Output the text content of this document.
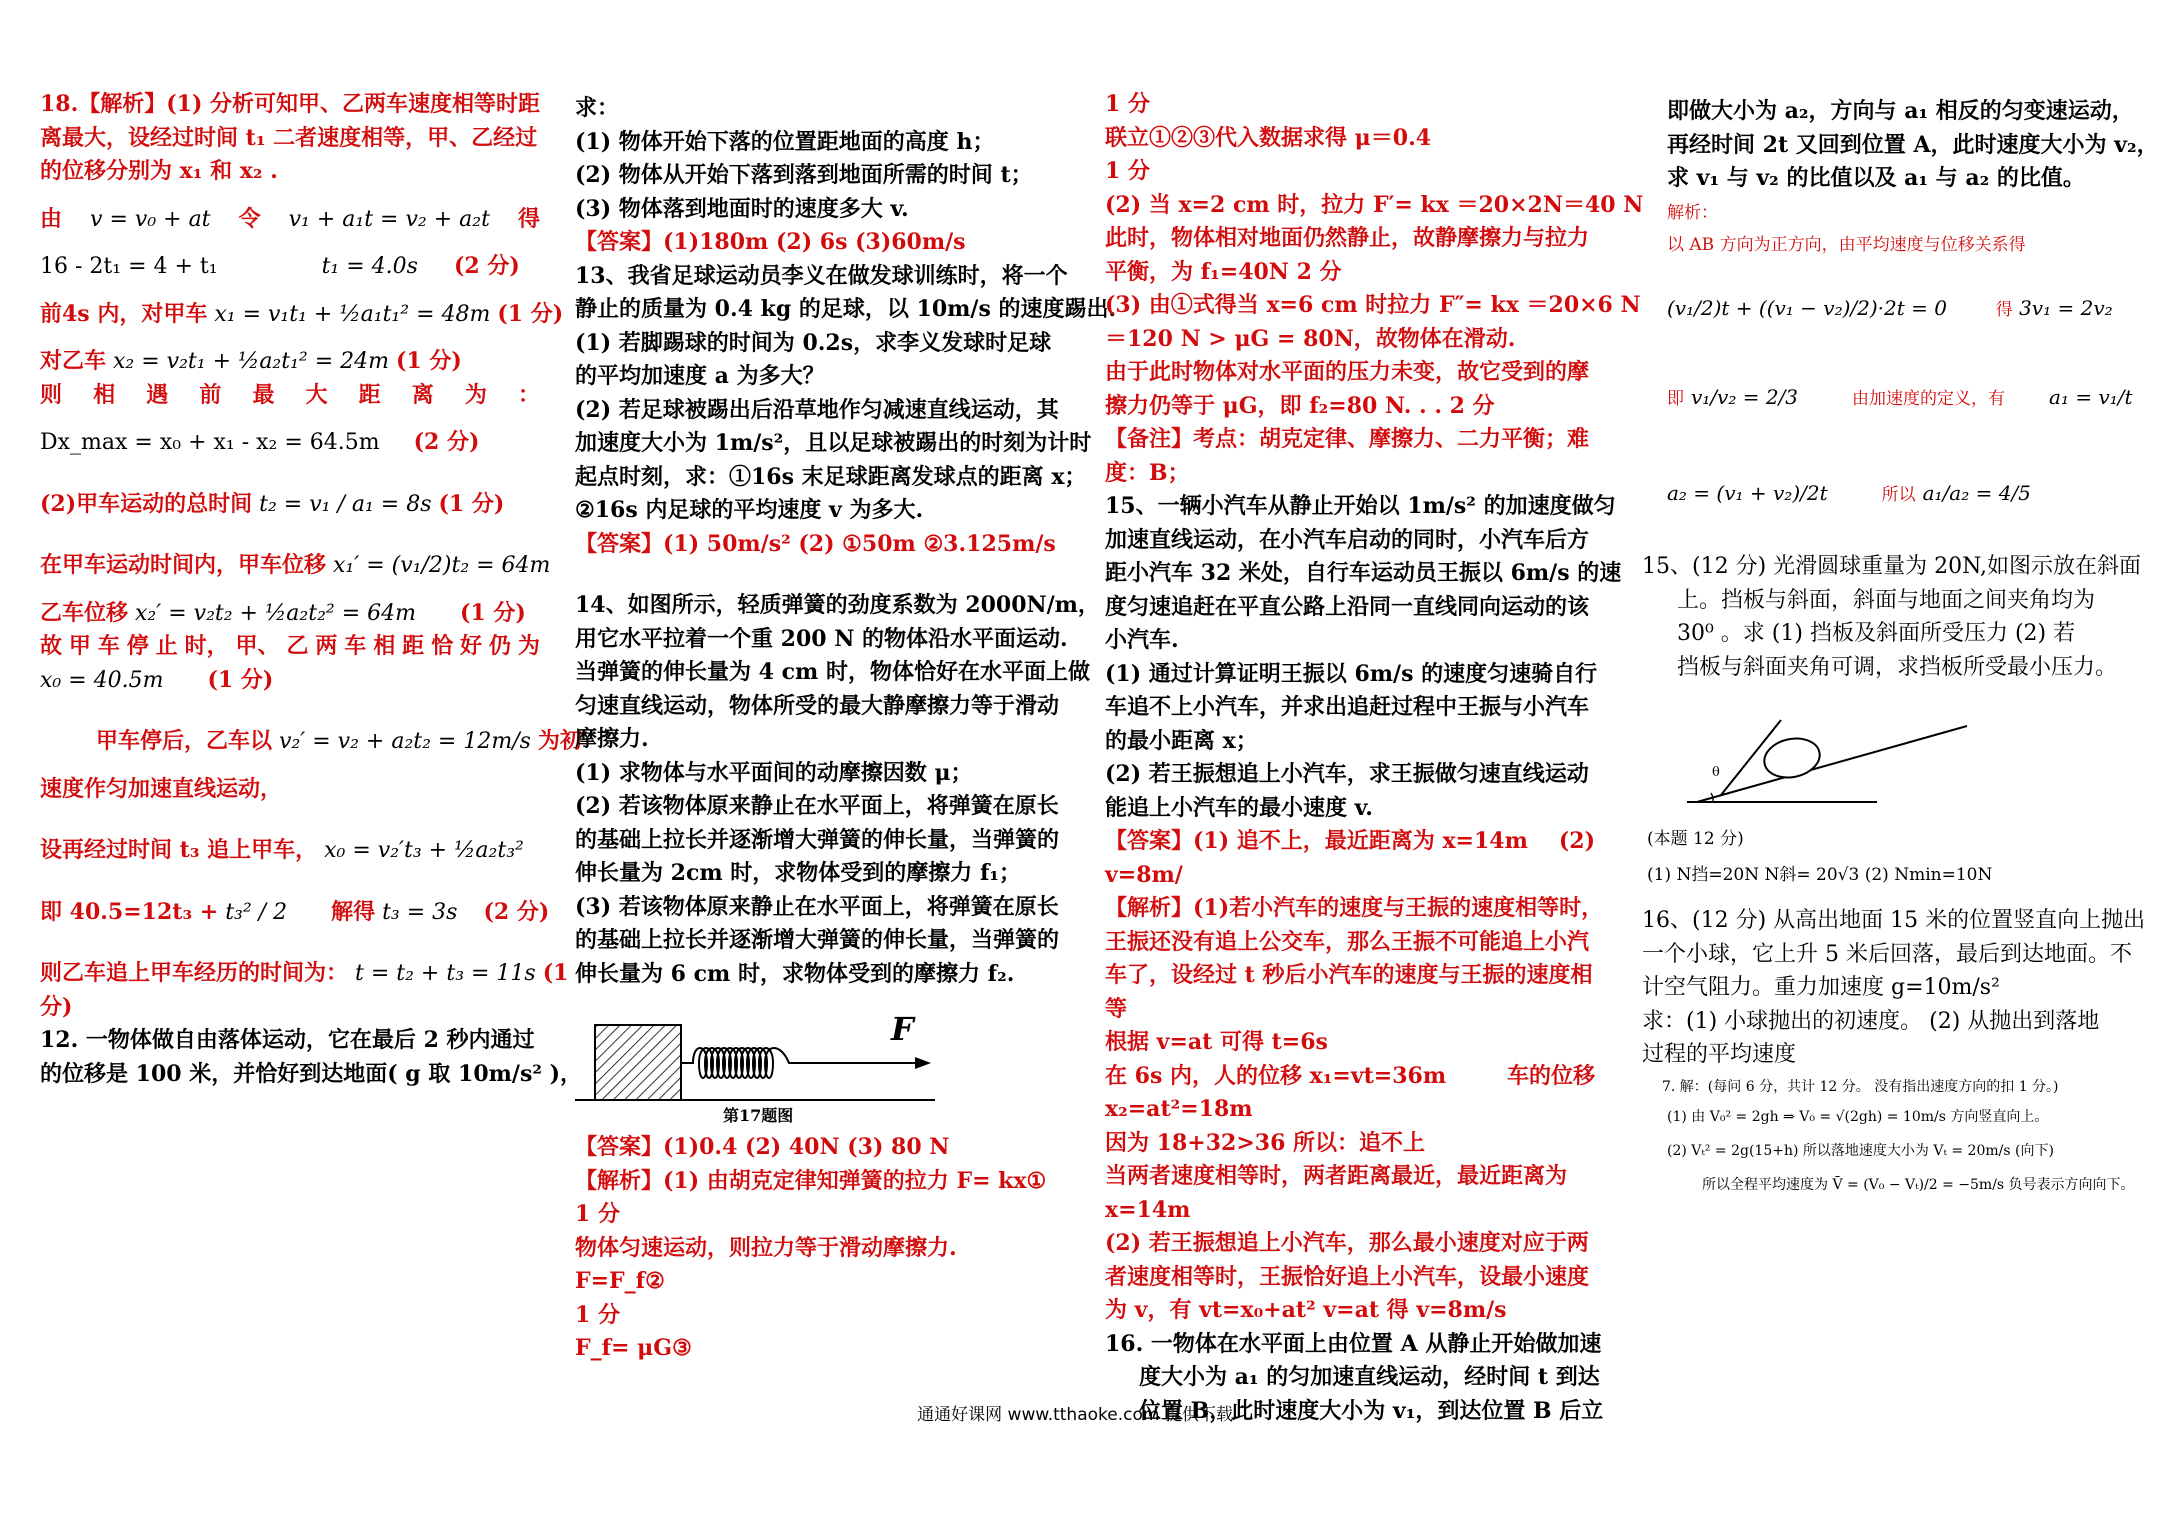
18.【解析】(1) 分析可知甲、乙两车速度相等时距
离最大，设经过时间 t₁ 二者速度相等，甲、乙经过
的位移分别为 x₁ 和 x₂ .
由 v = v₀ + at 令 v₁ + a₁t = v₂ + a₂t 得
16 - 2t₁ = 4 + t₁	t₁ = 4.0s (2 分)
前4s 内，对甲车 x₁ = v₁t₁ + ½a₁t₁² = 48m (1 分)
对乙车 x₂ = v₂t₁ + ½a₂t₁² = 24m (1 分)
则 相 遇 前 最 大 距 离 为 ：
Dx_max = x₀ + x₁ - x₂ = 64.5m (2 分)
(2)甲车运动的总时间 t₂ = v₁ / a₁ = 8s (1 分)
在甲车运动时间内，甲车位移 x₁′ = (v₁/2)t₂ = 64m
乙车位移 x₂′ = v₂t₂ + ½a₂t₂² = 64m (1 分)
故 甲 车 停 止 时， 甲、 乙 两 车 相 距 恰 好 仍 为
x₀ = 40.5m (1 分)
甲车停后，乙车以 v₂′ = v₂ + a₂t₂ = 12m/s 为初
速度作匀加速直线运动，
设再经过时间 t₃ 追上甲车， x₀ = v₂′t₃ + ½a₂t₃²
即 40.5=12t₃ + t₃² / 2 解得 t₃ = 3s (2 分)
则乙车追上甲车经历的时间为： t = t₂ + t₃ = 11s (1
分)
12. 一物体做自由落体运动，它在最后 2 秒内通过
的位移是 100 米，并恰好到达地面( g 取 10m/s² )，
求：
(1) 物体开始下落的位置距地面的高度 h；
(2) 物体从开始下落到落到地面所需的时间 t；
(3) 物体落到地面时的速度多大 v.
【答案】(1)180m (2) 6s (3)60m/s
13、我省足球运动员李义在做发球训练时，将一个
静止的质量为 0.4 kg 的足球，以 10m/s 的速度踢出.
(1) 若脚踢球的时间为 0.2s，求李义发球时足球
的平均加速度 a 为多大？
(2) 若足球被踢出后沿草地作匀减速直线运动，其
加速度大小为 1m/s²，且以足球被踢出的时刻为计时
起点时刻，求：①16s 末足球距离发球点的距离 x；
②16s 内足球的平均速度 v 为多大.
【答案】(1) 50m/s² (2) ①50m ②3.125m/s
14、如图所示，轻质弹簧的劲度系数为 2000N/m，
用它水平拉着一个重 200 N 的物体沿水平面运动.
当弹簧的伸长量为 4 cm 时，物体恰好在水平面上做
匀速直线运动，物体所受的最大静摩擦力等于滑动
摩擦力.
(1) 求物体与水平面间的动摩擦因数 μ；
(2) 若该物体原来静止在水平面上，将弹簧在原长
的基础上拉长并逐渐增大弹簧的伸长量，当弹簧的
伸长量为 2cm 时，求物体受到的摩擦力 f₁；
(3) 若该物体原来静止在水平面上，将弹簧在原长
的基础上拉长并逐渐增大弹簧的伸长量，当弹簧的
伸长量为 6 cm 时，求物体受到的摩擦力 f₂.
F
第17题图
【答案】(1)0.4 (2) 40N (3) 80 N
【解析】(1) 由胡克定律知弹簧的拉力 F= kx①
1 分
物体匀速运动，则拉力等于滑动摩擦力.
F=F_f②
1 分
F_f= μG③
1 分
联立①②③代入数据求得 μ＝0.4
1 分
(2) 当 x=2 cm 时，拉力 F′= kx ＝20×2N＝40 N
此时，物体相对地面仍然静止，故静摩擦力与拉力
平衡，为 f₁=40N 2 分
(3) 由①式得当 x=6 cm 时拉力 F″= kx ＝20×6 N
＝120 N > μG = 80N，故物体在滑动.
由于此时物体对水平面的压力未变，故它受到的摩
擦力仍等于 μG，即 f₂=80 N. . . 2 分
【备注】考点：胡克定律、摩擦力、二力平衡；难
度：B；
15、一辆小汽车从静止开始以 1m/s² 的加速度做匀
加速直线运动，在小汽车启动的同时，小汽车后方
距小汽车 32 米处，自行车运动员王振以 6m/s 的速
度匀速追赶在平直公路上沿同一直线同向运动的该
小汽车.
(1) 通过计算证明王振以 6m/s 的速度匀速骑自行
车追不上小汽车，并求出追赶过程中王振与小汽车
的最小距离 x；
(2) 若王振想追上小汽车，求王振做匀速直线运动
能追上小汽车的最小速度 v.
【答案】(1) 追不上，最近距离为 x=14m (2)
v=8m/
【解析】(1)若小汽车的速度与王振的速度相等时，
王振还没有追上公交车，那么王振不可能追上小汽
车了，设经过 t 秒后小汽车的速度与王振的速度相
等
根据 v=at 可得 t=6s
在 6s 内，人的位移 x₁=vt=36m	车的位移
x₂=at²=18m
因为 18+32>36 所以：追不上
当两者速度相等时，两者距离最近，最近距离为
x=14m
(2) 若王振想追上小汽车，那么最小速度对应于两
者速度相等时，王振恰好追上小汽车，设最小速度
为 v，有 vt=x₀+at² v=at 得 v=8m/s
16. 一物体在水平面上由位置 A 从静止开始做加速
度大小为 a₁ 的匀加速直线运动，经时间 t 到达
位置 B，此时速度大小为 v₁，到达位置 B 后立
即做大小为 a₂，方向与 a₁ 相反的匀变速运动，
再经时间 2t 又回到位置 A，此时速度大小为 v₂，
求 v₁ 与 v₂ 的比值以及 a₁ 与 a₂ 的比值。
解析：
以 AB 方向为正方向，由平均速度与位移关系得
(v₁/2)t + ((v₁ − v₂)/2)·2t = 0	得 3v₁ = 2v₂
即 v₁/v₂ = 2/3	由加速度的定义，有 a₁ = v₁/t
a₂ = (v₁ + v₂)/2t	所以 a₁/a₂ = 4/5
15、(12 分) 光滑圆球重量为 20N,如图示放在斜面
上。挡板与斜面，斜面与地面之间夹角均为
30⁰ 。求 (1) 挡板及斜面所受压力 (2) 若
挡板与斜面夹角可调，求挡板所受最小压力。
θ
(本题 12 分)
(1) N挡=20N N斜= 20√3 (2) Nmin=10N
16、(12 分) 从高出地面 15 米的位置竖直向上抛出
一个小球，它上升 5 米后回落，最后到达地面。不
计空气阻力。重力加速度 g=10m/s²
求：(1) 小球抛出的初速度。 (2) 从抛出到落地
过程的平均速度
7. 解：(每问 6 分，共计 12 分。 没有指出速度方向的扣 1 分。)
(1) 由 V₀² = 2gh ⇒ V₀ = √(2gh) = 10m/s 方向竖直向上。
(2) Vₜ² = 2g(15+h) 所以落地速度大小为 Vₜ = 20m/s (向下)
所以全程平均速度为 V̄ = (V₀ − Vₜ)/2 = −5m/s 负号表示方向向下。
通通好课网 www.tthaoke.com 提供下载
